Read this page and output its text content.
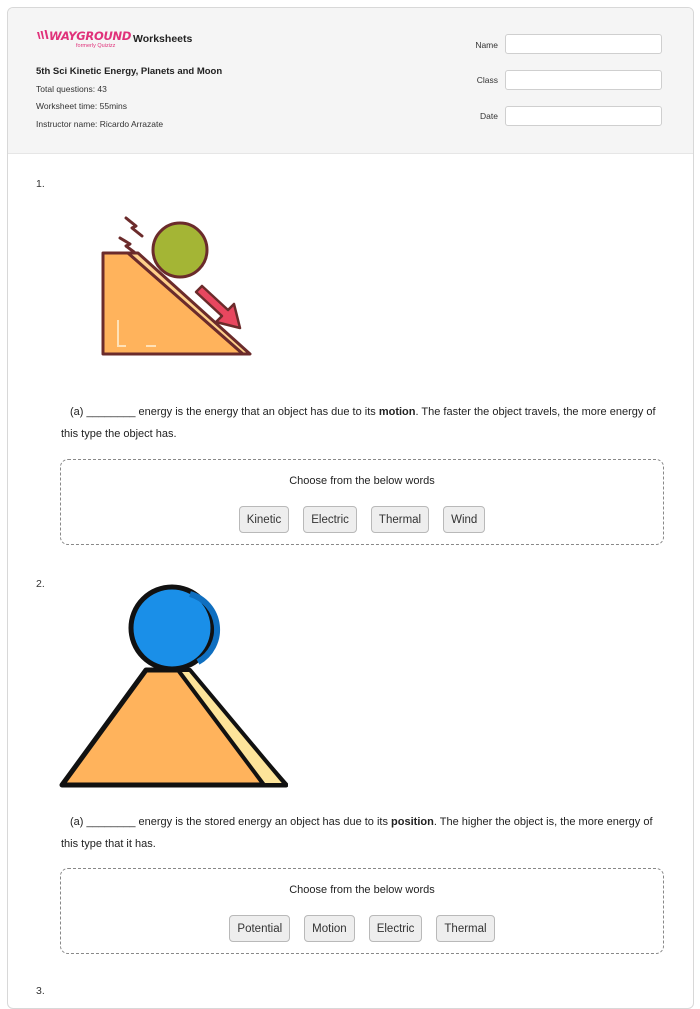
WAYGROUND
formerly Quizizz
Worksheets
5th Sci Kinetic Energy, Planets and Moon
Total questions: 43
Worksheet time: 55mins
Instructor name: Ricardo Arrazate
Name
Class
Date
1.
(a) ________ energy is the energy that an object has due to its motion. The faster the object travels, the more energy of this type the object has.
Choose from the below words
Kinetic	Electric	Thermal	Wind
2.
(a) ________ energy is the stored energy an object has due to its position. The higher the object is, the more energy of this type that it has.
Choose from the below words
Potential	Motion	Electric	Thermal
3.
